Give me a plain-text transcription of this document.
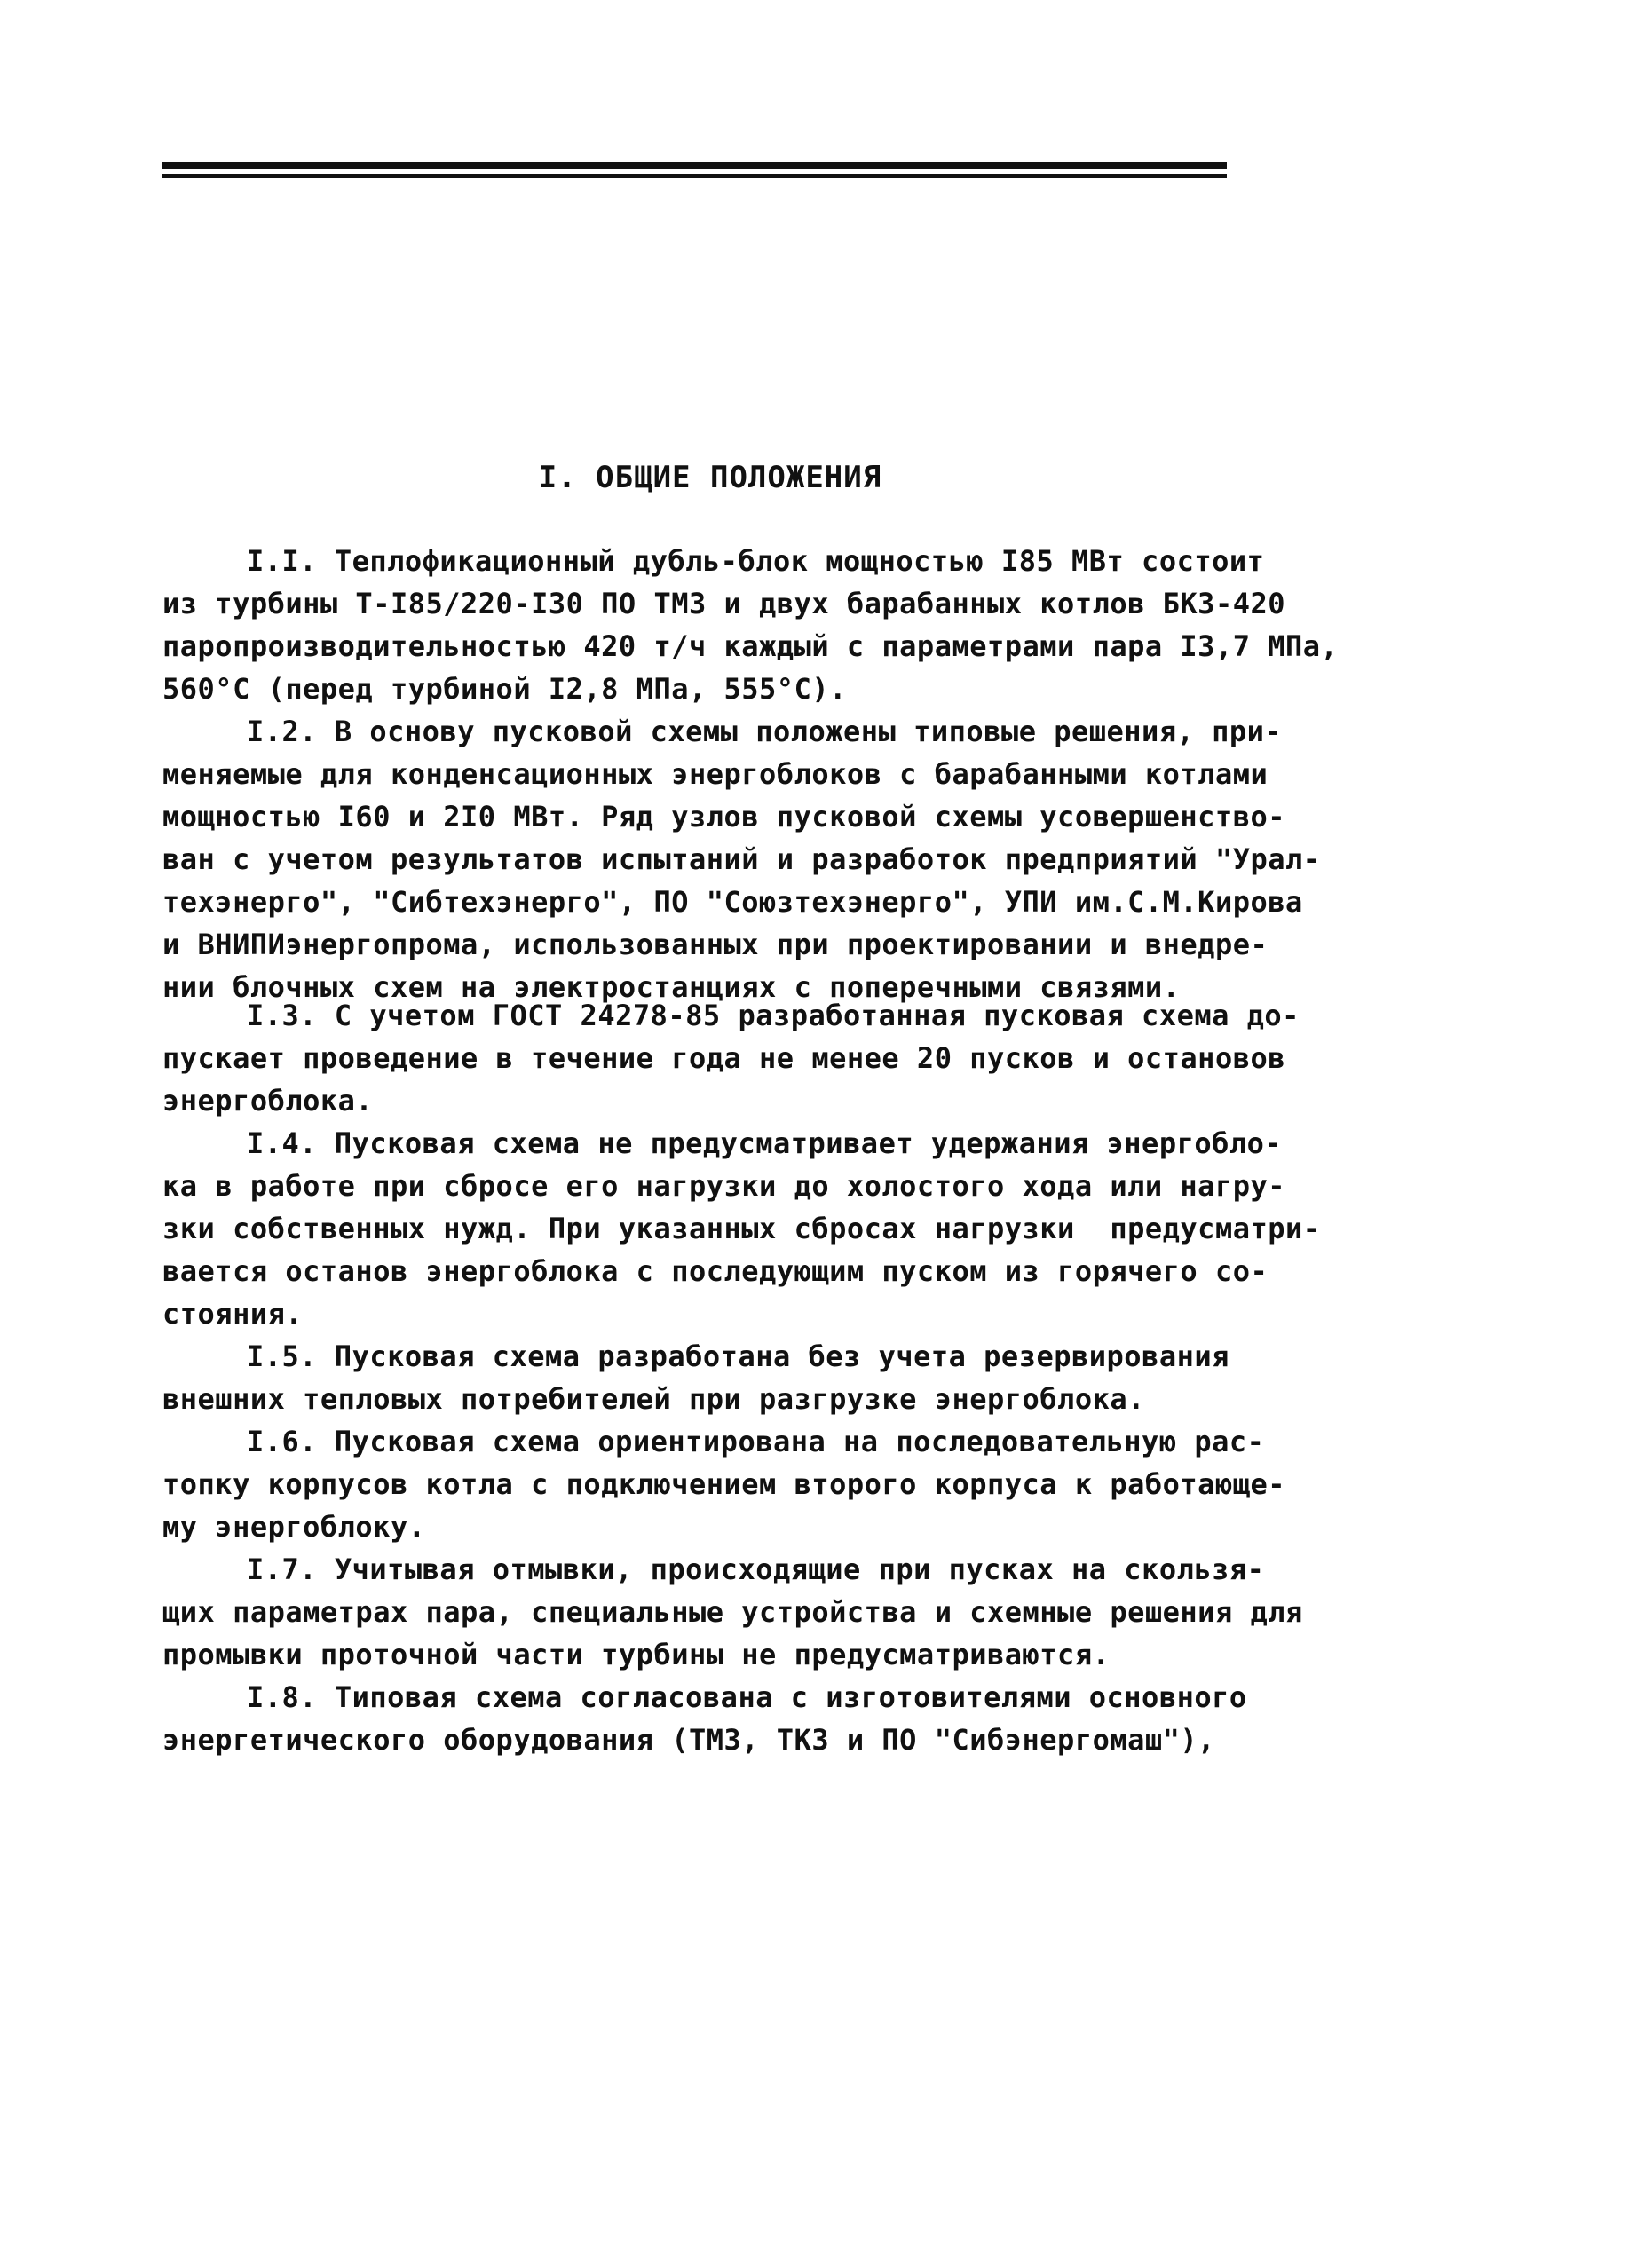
I. ОБЩИЕ ПОЛОЖЕНИЯ
I.I. Теплофикационный дубль-блок мощностью I85 МВт состоит
из турбины Т-I85/220-I30 ПО ТМЗ и двух барабанных котлов БКЗ-420
паропроизводительностью 420 т/ч каждый с параметрами пара I3,7 МПа,
560°С (перед турбиной I2,8 МПа, 555°С).
I.2. В основу пусковой схемы положены типовые решения, при-
меняемые для конденсационных энергоблоков с барабанными котлами
мощностью I60 и 2I0 МВт. Ряд узлов пусковой схемы усовершенство-
ван с учетом результатов испытаний и разработок предприятий "Урал-
техэнерго", "Сибтехэнерго", ПО "Союзтехэнерго", УПИ им.С.М.Кирова
и ВНИПИэнергопрома, использованных при проектировании и внедре-
нии блочных схем на электростанциях с поперечными связями.
I.3. С учетом ГОСТ 24278-85 разработанная пусковая схема до-
пускает проведение в течение года не менее 20 пусков и остановов
энергоблока.
I.4. Пусковая схема не предусматривает удержания энергобло-
ка в работе при сбросе его нагрузки до холостого хода или нагру-
зки собственных нужд. При указанных сбросах нагрузки  предусматри-
вается останов энергоблока с последующим пуском из горячего со-
стояния.
I.5. Пусковая схема разработана без учета резервирования
внешних тепловых потребителей при разгрузке энергоблока.
I.6. Пусковая схема ориентирована на последовательную рас-
топку корпусов котла с подключением второго корпуса к работающе-
му энергоблоку.
I.7. Учитывая отмывки, происходящие при пусках на скользя-
щих параметрах пара, специальные устройства и схемные решения для
промывки проточной части турбины не предусматриваются.
I.8. Типовая схема согласована с изготовителями основного
энергетического оборудования (ТМЗ, ТКЗ и ПО "Сибэнергомаш"),
